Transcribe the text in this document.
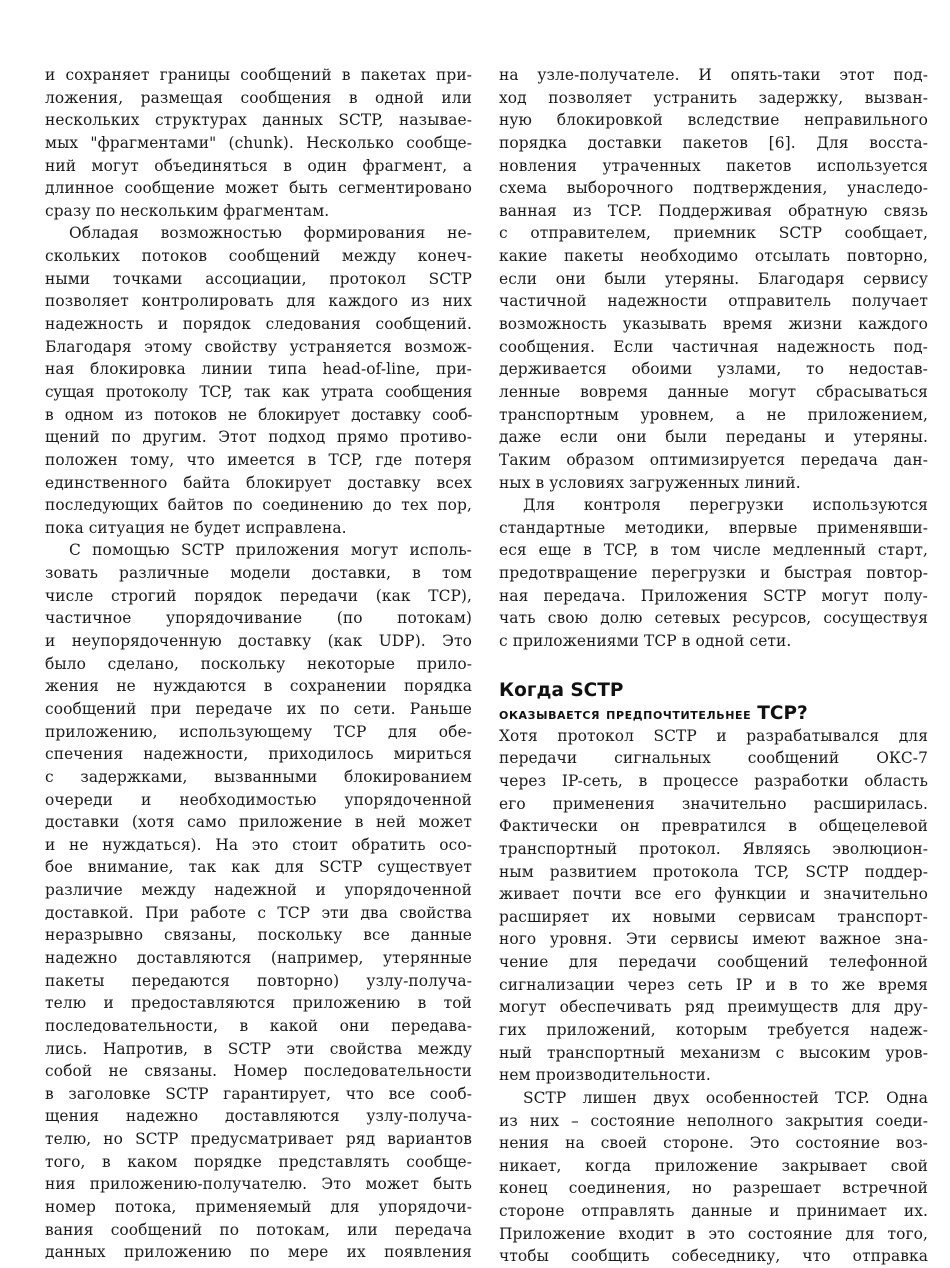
и сохраняет границы сообщений в пакетах при-
ложения, размещая сообщения в одной или
нескольких структурах данных SCTP, называе-
мых "фрагментами" (chunk). Несколько сообще-
ний могут объединяться в один фрагмент, а
длинное сообщение может быть сегментировано
сразу по нескольким фрагментам.
Обладая возможностью формирования не-
скольких потоков сообщений между конеч-
ными точками ассоциации, протокол SCTP
позволяет контролировать для каждого из них
надежность и порядок следования сообщений.
Благодаря этому свойству устраняется возмож-
ная блокировка линии типа head-of-line, при-
сущая протоколу TCP, так как утрата сообщения
в одном из потоков не блокирует доставку сооб-
щений по другим. Этот подход прямо противо-
положен тому, что имеется в TCP, где потеря
единственного байта блокирует доставку всех
последующих байтов по соединению до тех пор,
пока ситуация не будет исправлена.
С помощью SCTP приложения могут исполь-
зовать различные модели доставки, в том
числе строгий порядок передачи (как TCP),
частичное упорядочивание (по потокам)
и неупорядоченную доставку (как UDP). Это
было сделано, поскольку некоторые прило-
жения не нуждаются в сохранении порядка
сообщений при передаче их по сети. Раньше
приложению, использующему TCP для обе-
спечения надежности, приходилось мириться
с задержками, вызванными блокированием
очереди и необходимостью упорядоченной
доставки (хотя само приложение в ней может
и не нуждаться). На это стоит обратить осо-
бое внимание, так как для SCTP существует
различие между надежной и упорядоченной
доставкой. При работе с TCP эти два свойства
неразрывно связаны, поскольку все данные
надежно доставляются (например, утерянные
пакеты передаются повторно) узлу-получа-
телю и предоставляются приложению в той
последовательности, в какой они передава-
лись. Напротив, в SCTP эти свойства между
собой не связаны. Номер последовательности
в заголовке SCTP гарантирует, что все сооб-
щения надежно доставляются узлу-получа-
телю, но SCTP предусматривает ряд вариантов
того, в каком порядке представлять сообще-
ния приложению-получателю. Это может быть
номер потока, применяемый для упорядочи-
вания сообщений по потокам, или передача
данных приложению по мере их появления
на узле-получателе. И опять-таки этот под-
ход позволяет устранить задержку, вызван-
ную блокировкой вследствие неправильного
порядка доставки пакетов [6]. Для восста-
новления утраченных пакетов используется
схема выборочного подтверждения, унаследо-
ванная из TCP. Поддерживая обратную связь
с отправителем, приемник SCTP сообщает,
какие пакеты необходимо отсылать повторно,
если они были утеряны. Благодаря сервису
частичной надежности отправитель получает
возможность указывать время жизни каждого
сообщения. Если частичная надежность под-
держивается обоими узлами, то недостав-
ленные вовремя данные могут сбрасываться
транспортным уровнем, а не приложением,
даже если они были переданы и утеряны.
Таким образом оптимизируется передача дан-
ных в условиях загруженных линий.
Для контроля перегрузки используются
стандартные методики, впервые применявши-
еся еще в TCP, в том числе медленный старт,
предотвращение перегрузки и быстрая повтор-
ная передача. Приложения SCTP могут полу-
чать свою долю сетевых ресурсов, сосуществуя
с приложениями TCP в одной сети.
Когда SCTP
оказывается предпочтительнее TCP?
Хотя протокол SCTP и разрабатывался для
передачи сигнальных сообщений ОКС-7
через IP-сеть, в процессе разработки область
его применения значительно расширилась.
Фактически он превратился в общецелевой
транспортный протокол. Являясь эволюцион-
ным развитием протокола TCP, SCTP поддер-
живает почти все его функции и значительно
расширяет их новыми сервисам транспорт-
ного уровня. Эти сервисы имеют важное зна-
чение для передачи сообщений телефонной
сигнализации через сеть IP и в то же время
могут обеспечивать ряд преимуществ для дру-
гих приложений, которым требуется надеж-
ный транспортный механизм с высоким уров-
нем производительности.
SCTP лишен двух особенностей TCP. Одна
из них – состояние неполного закрытия соеди-
нения на своей стороне. Это состояние воз-
никает, когда приложение закрывает свой
конец соединения, но разрешает встречной
стороне отправлять данные и принимает их.
Приложение входит в это состояние для того,
чтобы сообщить собеседнику, что отправка
